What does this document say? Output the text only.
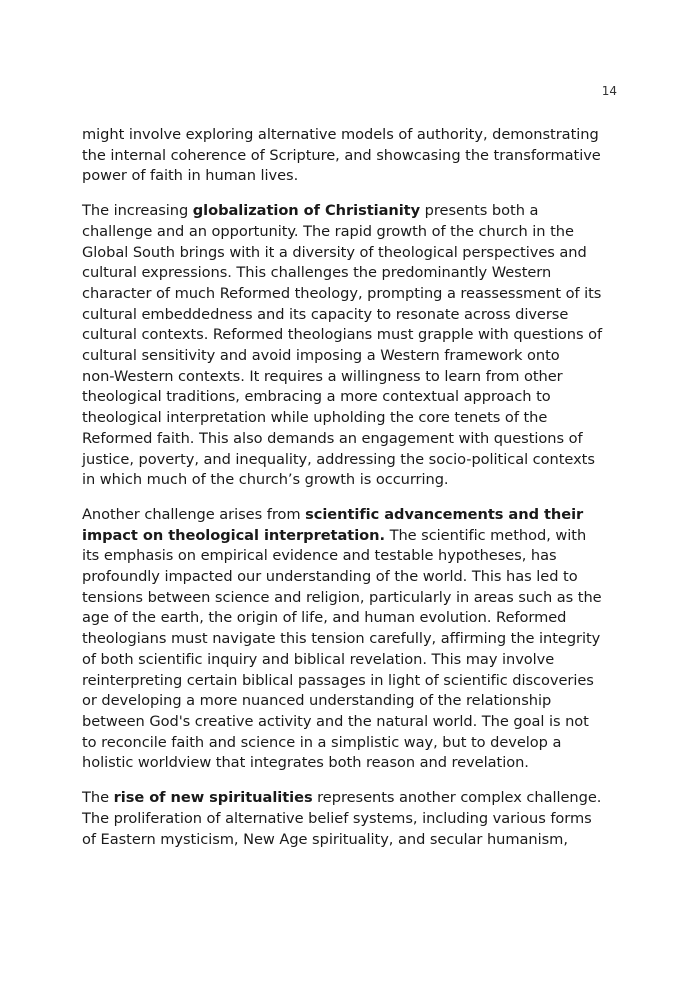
14

might involve exploring alternative models of authority, demonstrating
the internal coherence of Scripture, and showcasing the transformative
power of faith in human lives.

The increasing globalization of Christianity presents both a
challenge and an opportunity. The rapid growth of the church in the
Global South brings with it a diversity of theological perspectives and
cultural expressions. This challenges the predominantly Western
character of much Reformed theology, prompting a reassessment of its
cultural embeddedness and its capacity to resonate across diverse
cultural contexts. Reformed theologians must grapple with questions of
cultural sensitivity and avoid imposing a Western framework onto
non-Western contexts. It requires a willingness to learn from other
theological traditions, embracing a more contextual approach to
theological interpretation while upholding the core tenets of the
Reformed faith. This also demands an engagement with questions of
justice, poverty, and inequality, addressing the socio-political contexts
in which much of the church’s growth is occurring.

Another challenge arises from scientific advancements and their
impact on theological interpretation. The scientific method, with
its emphasis on empirical evidence and testable hypotheses, has
profoundly impacted our understanding of the world. This has led to
tensions between science and religion, particularly in areas such as the
age of the earth, the origin of life, and human evolution. Reformed
theologians must navigate this tension carefully, affirming the integrity
of both scientific inquiry and biblical revelation. This may involve
reinterpreting certain biblical passages in light of scientific discoveries
or developing a more nuanced understanding of the relationship
between God's creative activity and the natural world. The goal is not
to reconcile faith and science in a simplistic way, but to develop a
holistic worldview that integrates both reason and revelation.

The rise of new spiritualities represents another complex challenge.
The proliferation of alternative belief systems, including various forms
of Eastern mysticism, New Age spirituality, and secular humanism,
